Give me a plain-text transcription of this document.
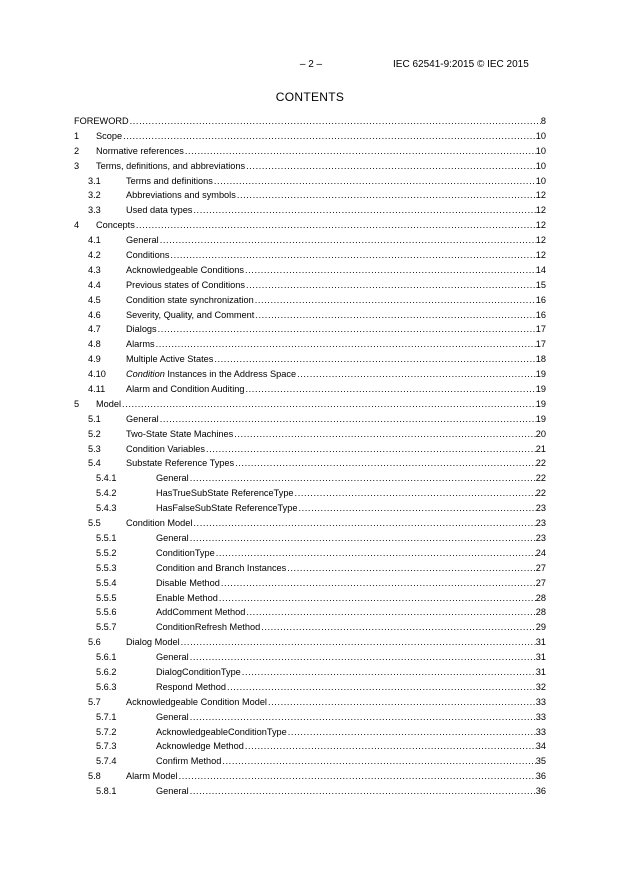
– 2 –	IEC 62541-9:2015 © IEC 2015
CONTENTS
FOREWORD .....	8
1 Scope .....	10
2 Normative references .....	10
3 Terms, definitions, and abbreviations .....	10
3.1	Terms and definitions .....	10
3.2	Abbreviations and symbols .....	12
3.3	Used data types .....	12
4 Concepts .....	12
4.1	General .....	12
4.2	Conditions .....	12
4.3	Acknowledgeable Conditions .....	14
4.4	Previous states of Conditions .....	15
4.5	Condition state synchronization .....	16
4.6	Severity, Quality, and Comment .....	16
4.7	Dialogs .....	17
4.8	Alarms .....	17
4.9	Multiple Active States .....	18
4.10 Condition Instances in the Address Space .....	19
4.11 Alarm and Condition Auditing .....	19
5 Model .....	19
5.1	General .....	19
5.2	Two-State State Machines .....	20
5.3	Condition Variables .....	21
5.4	Substate Reference Types .....	22
5.4.1	General .....	22
5.4.2	HasTrueSubState ReferenceType .....	22
5.4.3	HasFalseSubState ReferenceType .....	23
5.5	Condition Model .....	23
5.5.1	General .....	23
5.5.2	ConditionType .....	24
5.5.3	Condition and Branch Instances .....	27
5.5.4	Disable Method .....	27
5.5.5	Enable Method .....	28
5.5.6	AddComment Method .....	28
5.5.7	ConditionRefresh Method .....	29
5.6	Dialog Model .....	31
5.6.1	General .....	31
5.6.2	DialogConditionType .....	31
5.6.3	Respond Method .....	32
5.7	Acknowledgeable Condition Model .....	33
5.7.1	General .....	33
5.7.2	AcknowledgeableConditionType .....	33
5.7.3	Acknowledge Method .....	34
5.7.4	Confirm Method .....	35
5.8	Alarm Model .....	36
5.8.1	General .....	36
